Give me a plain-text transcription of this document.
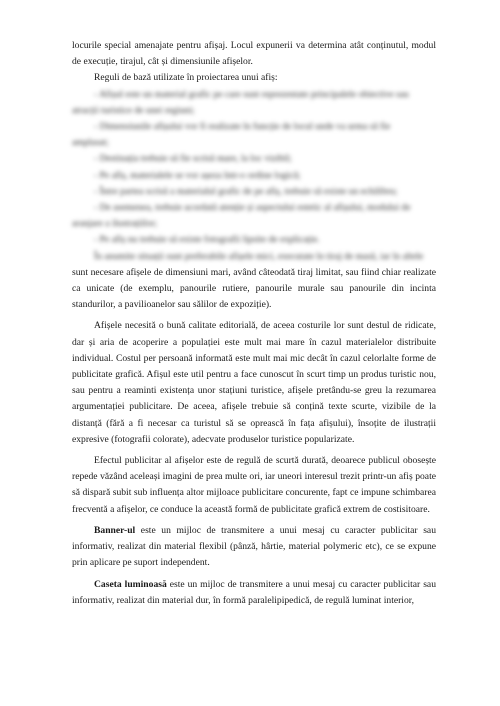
locurile special amenajate pentru afișaj. Locul expunerii va determina atât conținutul, modul de execuție, tirajul, cât și dimensiunile afișelor.

Reguli de bază utilizate în proiectarea unui afiș:

- Afișul este un material grafic pe care sunt reprezentate principalele obiective sau
atracții turistice de unei regiuni;
- Dimensiunile afișului vor fi realizate în funcție de locul unde va urma să fie
amplasat;
- Destinația trebuie să fie scrisă mare, la loc vizibil;
- Pe afiș, materialele se vor așeza într-o ordine logică;
- Între partea scrisă a materialul grafic de pe afiș, trebuie să existe un echilibru;
- De asemenea, trebuie acordată atenție și aspectului estetic al afișului, modului de
aranjare a ilustrațiilor;
- Pe afiș nu trebuie să existe fotografii lipsite de explicație.
În anumite situații sunt preferabile afișele mici, executate în tiraj de masă, iar în altele

sunt necesare afișele de dimensiuni mari, având câteodată tiraj limitat, sau fiind chiar realizate ca unicate (de exemplu, panourile rutiere, panourile murale sau panourile din incinta standurilor, a pavilioanelor sau sălilor de expoziție).

Afișele necesită o bună calitate editorială, de aceea costurile lor sunt destul de ridicate, dar și aria de acoperire a populației este mult mai mare în cazul materialelor distribuite individual. Costul per persoană informată este mult mai mic decât în cazul celorlalte forme de publicitate grafică. Afișul este util pentru a face cunoscut în scurt timp un produs turistic nou, sau pentru a reaminti existența unor stațiuni turistice, afișele pretându-se greu la rezumarea argumentației publicitare. De aceea, afișele trebuie să conțină texte scurte, vizibile de la distanță (fără a fi necesar ca turistul să se oprească în fața afișului), însoțite de ilustrații expresive (fotografii colorate), adecvate produselor turistice popularizate.

Efectul publicitar al afișelor este de regulă de scurtă durată, deoarece publicul obosește repede văzând aceleași imagini de prea multe ori, iar uneori interesul trezit printr-un afiș poate să dispară subit sub influența altor mijloace publicitare concurente, fapt ce impune schimbarea frecventă a afișelor, ce conduce la această formă de publicitate grafică extrem de costisitoare.

Banner-ul este un mijloc de transmitere a unui mesaj cu caracter publicitar sau informativ, realizat din material flexibil (pânză, hârtie, material polymeric etc), ce se expune prin aplicare pe suport independent.

Caseta luminoasă este un mijloc de transmitere a unui mesaj cu caracter publicitar sau informativ, realizat din material dur, în formă paralelipipedică, de regulă luminat interior,
